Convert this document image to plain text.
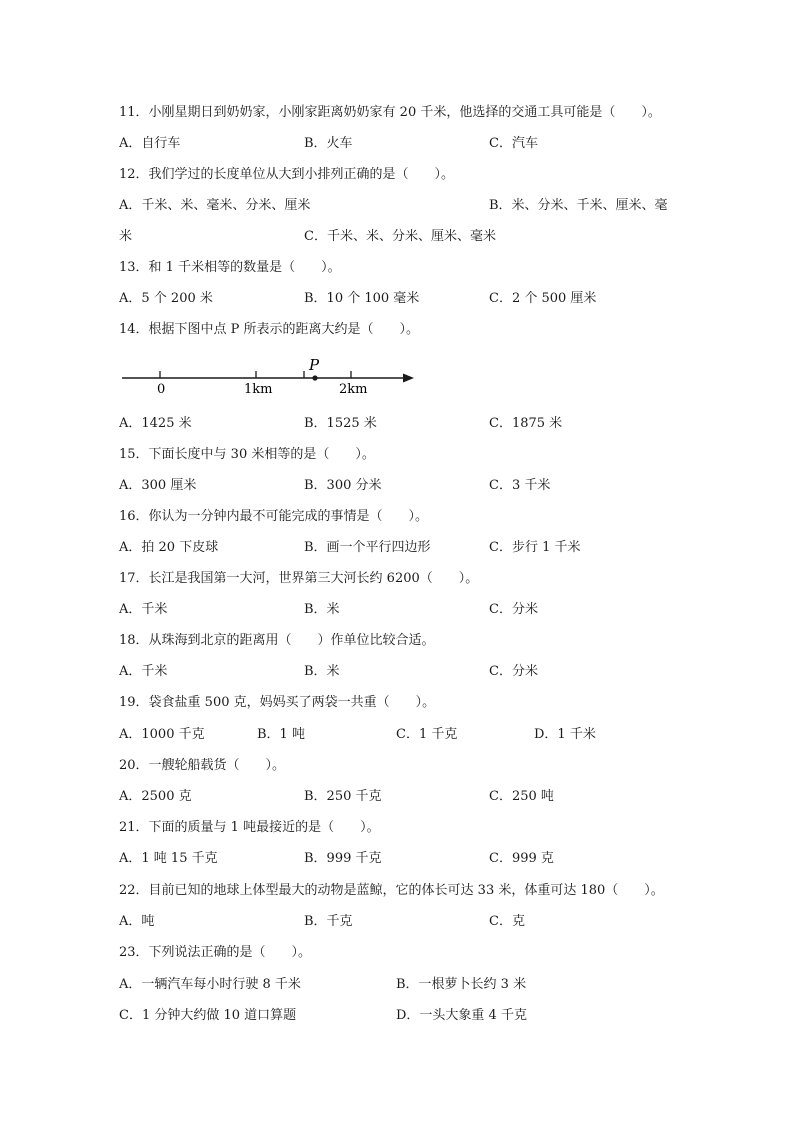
11．小刚星期日到奶奶家，小刚家距离奶奶家有 20 千米，他选择的交通工具可能是（　　）。
A．自行车	B．火车	C．汽车
12．我们学过的长度单位从大到小排列正确的是（　　）。
A．千米、米、毫米、分米、厘米	B．米、分米、千米、厘米、毫
米	C．千米、米、分米、厘米、毫米
13．和 1 千米相等的数量是（　　）。
A．5 个 200 米	B．10 个 100 毫米	C．2 个 500 厘米
14．根据下图中点 P 所表示的距离大约是（　　）。
P
0	1km	2km
A．1425 米	B．1525 米	C．1875 米
15．下面长度中与 30 米相等的是（　　）。
A．300 厘米	B．300 分米	C．3 千米
16．你认为一分钟内最不可能完成的事情是（　　）。
A．拍 20 下皮球	B．画一个平行四边形	C．步行 1 千米
17．长江是我国第一大河，世界第三大河长约 6200（　　）。
A．千米	B．米	C．分米
18．从珠海到北京的距离用（　　）作单位比较合适。
A．千米	B．米	C．分米
19．袋食盐重 500 克，妈妈买了两袋一共重（　　）。
A．1000 千克	B．1 吨	C．1 千克	D．1 千米
20．一艘轮船载货（　　）。
A．2500 克	B．250 千克	C．250 吨
21．下面的质量与 1 吨最接近的是（　　）。
A．1 吨 15 千克	B．999 千克	C．999 克
22．目前已知的地球上体型最大的动物是蓝鲸，它的体长可达 33 米，体重可达 180（　　）。
A．吨	B．千克	C．克
23．下列说法正确的是（　　）。
A．一辆汽车每小时行驶 8 千米	B．一根萝卜长约 3 米
C．1 分钟大约做 10 道口算题	D．一头大象重 4 千克
